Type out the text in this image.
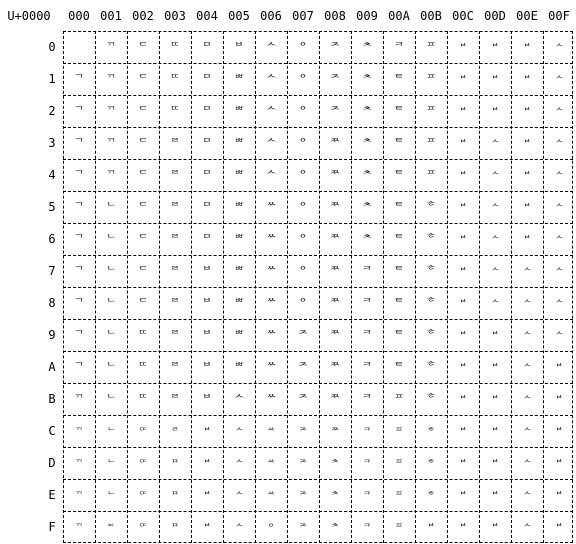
U+0000	000 001 002 003 004 005 006 007 008 009 00A 00B 00C 00D 00E 00F
0
1
2
3
4
5
6
7
8
9
A
B
C
D
E
F
ᄀ
ᄀ
ᄀ
ᄀ
ᄀ
ᄀ
ᄀ
ᄀ
ᄀ
ᄀ
ᄁ
ᄁ
ᄁ
ᄁ
ᄁ
ᄁ
ᄁ
ᄁ
ᄁ
ᄁ
ᄂ
ᄂ
ᄂ
ᄂ
ᄂ
ᄂ
ᄂ
ᄂ
ᄂ
ᄂ
ᄃ
ᄃ
ᄃ
ᄃ
ᄃ
ᄃ
ᄃ
ᄃ
ᄃ
ᄃ
ᄄ
ᄄ
ᄄ
ᄄ
ᄄ
ᄄ
ᄄ
ᄄ
ᄄ
ᄄ
ᄅ
ᄅ
ᄅ
ᄅ
ᄅ
ᄅ
ᄅ
ᄅ
ᄅ
ᄅ
ᄆ
ᄆ
ᄆ
ᄆ
ᄆ
ᄆ
ᄆ
ᄆ
ᄆ
ᄆ
ᄇ
ᄇ
ᄇ
ᄇ
ᄇ
ᄇ
ᄇ
ᄇ
ᄇ
ᄇ
ᄈ
ᄈ
ᄈ
ᄈ
ᄈ
ᄈ
ᄈ
ᄈ
ᄈ
ᄈ
ᄉ
ᄉ
ᄉ
ᄉ
ᄉ
ᄉ
ᄉ
ᄉ
ᄉ
ᄉ
ᄊ
ᄊ
ᄊ
ᄊ
ᄊ
ᄊ
ᄊ
ᄊ
ᄊ
ᄊ
ᄋ
ᄋ
ᄋ
ᄋ
ᄋ
ᄋ
ᄋ
ᄋ
ᄋ
ᄋ
ᄌ
ᄌ
ᄌ
ᄌ
ᄌ
ᄌ
ᄌ
ᄌ
ᄌ
ᄌ
ᄍ
ᄍ
ᄍ
ᄍ
ᄍ
ᄍ
ᄍ
ᄍ
ᄍ
ᄍ
ᄎ
ᄎ
ᄎ
ᄎ
ᄎ
ᄎ
ᄎ
ᄎ
ᄎ
ᄎ
ᄏ
ᄏ
ᄏ
ᄏ
ᄏ
ᄏ
ᄏ
ᄏ
ᄏ
ᄏ
ᄐ
ᄐ
ᄐ
ᄐ
ᄐ
ᄐ
ᄐ
ᄐ
ᄐ
ᄐ
ᄑ
ᄑ
ᄑ
ᄑ
ᄑ
ᄑ
ᄑ
ᄑ
ᄑ
ᄑ
ᄒ
ᄒ
ᄒ
ᄒ
ᄒ
ᄒ
ᄒ
ᄒ
ᄒ
ᄒ
ᄇ
ᄇ
ᄇ
ᄇ
ᄇ
ᄇ
ᄇ
ᄇ
ᄇ
ᄇ
ᄇ
ᄇ
ᄇ
ᄇ
ᄇ
ᄇ
ᄇ
ᄇ
ᄇ
ᄇ
ᄉ
ᄉ
ᄉ
ᄉ
ᄉ
ᄉ
ᄇ
ᄇ
ᄇ
ᄇ
ᄇ
ᄇ
ᄇ
ᄇ
ᄇ
ᄇ
ᄇ
ᄇ
ᄇ
ᄇ
ᄉ
ᄉ
ᄉ
ᄉ
ᄉ
ᄉ
ᄉ
ᄉ
ᄉ
ᄉ
ᄉ
ᄉ
ᄉ
ᄉ
ᄉ
ᄉ
ᄉ
ᄉ
ᄉ
ᄇ
ᄇ
ᄇ
ᄇ
ᄇ
ᄇ
